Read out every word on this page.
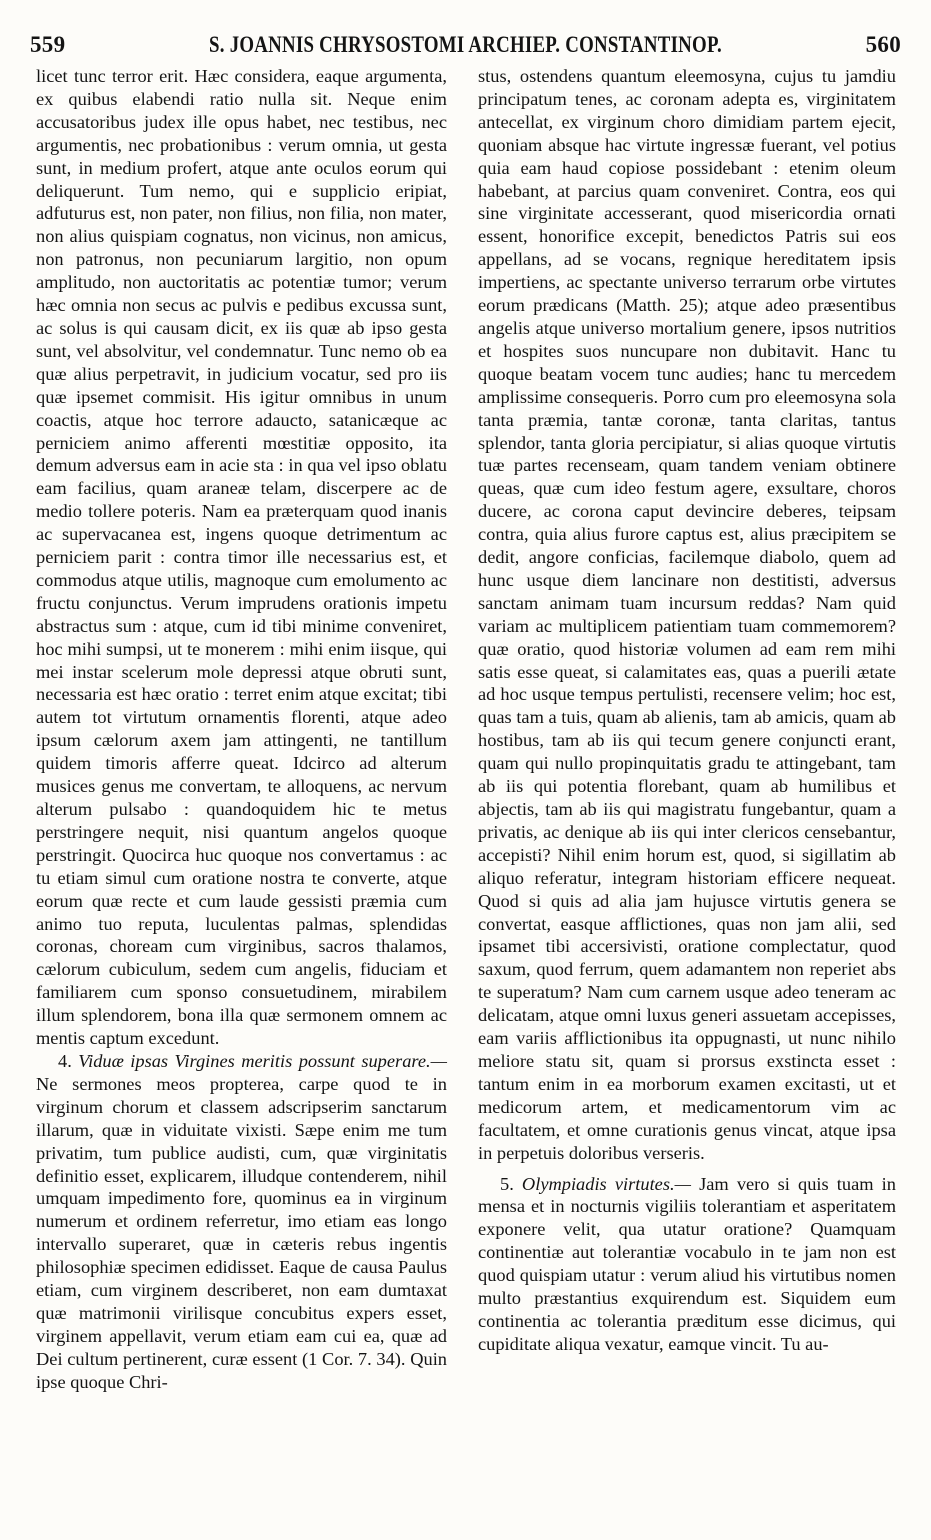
559	S. JOANNIS CHRYSOSTOMI ARCHIEP. CONSTANTINOP.	560

licet tunc terror erit. Hæc considera, eaque argumenta, ex quibus elabendi ratio nulla sit. Neque enim accusatoribus judex ille opus habet, nec testibus, nec argumentis, nec probationibus : verum omnia, ut gesta sunt, in medium profert, atque ante oculos eorum qui deliquerunt. Tum nemo, qui e supplicio eripiat, adfuturus est, non pater, non filius, non filia, non mater, non alius quispiam cognatus, non vicinus, non amicus, non patronus, non pecuniarum largitio, non opum amplitudo, non auctoritatis ac potentiæ tumor; verum hæc omnia non secus ac pulvis e pedibus excussa sunt, ac solus is qui causam dicit, ex iis quæ ab ipso gesta sunt, vel absolvitur, vel condemnatur. Tunc nemo ob ea quæ alius perpetravit, in judicium vocatur, sed pro iis quæ ipsemet commisit. His igitur omnibus in unum coactis, atque hoc terrore adaucto, satanicæque ac perniciem animo afferenti mœstitiæ opposito, ita demum adversus eam in acie sta : in qua vel ipso oblatu eam facilius, quam araneæ telam, discerpere ac de medio tollere poteris. Nam ea præterquam quod inanis ac supervacanea est, ingens quoque detrimentum ac perniciem parit : contra timor ille necessarius est, et commodus atque utilis, magnoque cum emolumento ac fructu conjunctus. Verum imprudens orationis impetu abstractus sum : atque, cum id tibi minime conveniret, hoc mihi sumpsi, ut te monerem : mihi enim iisque, qui mei instar scelerum mole depressi atque obruti sunt, necessaria est hæc oratio : terret enim atque excitat; tibi autem tot virtutum ornamentis florenti, atque adeo ipsum cælorum axem jam attingenti, ne tantillum quidem timoris afferre queat. Idcirco ad alterum musices genus me convertam, te alloquens, ac nervum alterum pulsabo : quandoquidem hic te metus perstringere nequit, nisi quantum angelos quoque perstringit. Quocirca huc quoque nos convertamus : ac tu etiam simul cum oratione nostra te converte, atque eorum quæ recte et cum laude gessisti præmia cum animo tuo reputa, luculentas palmas, splendidas coronas, choream cum virginibus, sacros thalamos, cælorum cubiculum, sedem cum angelis, fiduciam et familiarem cum sponso consuetudinem, mirabilem illum splendorem, bona illa quæ sermonem omnem ac mentis captum excedunt.

4. Viduæ ipsas Virgines meritis possunt superare.— Ne sermones meos propterea, carpe quod te in virginum chorum et classem adscripserim sanctarum illarum, quæ in viduitate vixisti. Sæpe enim me tum privatim, tum publice audisti, cum, quæ virginitatis definitio esset, explicarem, illudque contenderem, nihil umquam impedimento fore, quominus ea in virginum numerum et ordinem referretur, imo etiam eas longo intervallo superaret, quæ in cæteris rebus ingentis philosophiæ specimen edidisset. Eaque de causa Paulus etiam, cum virginem describeret, non eam dumtaxat quæ matrimonii virilisque concubitus expers esset, virginem appellavit, verum etiam eam cui ea, quæ ad Dei cultum pertinerent, curæ essent (1 Cor. 7. 34). Quin ipse quoque Chri-

stus, ostendens quantum eleemosyna, cujus tu jamdiu principatum tenes, ac coronam adepta es, virginitatem antecellat, ex virginum choro dimidiam partem ejecit, quoniam absque hac virtute ingressæ fuerant, vel potius quia eam haud copiose possidebant : etenim oleum habebant, at parcius quam conveniret. Contra, eos qui sine virginitate accesserant, quod misericordia ornati essent, honorifice excepit, benedictos Patris sui eos appellans, ad se vocans, regnique hereditatem ipsis impertiens, ac spectante universo terrarum orbe virtutes eorum prædicans (Matth. 25); atque adeo præsentibus angelis atque universo mortalium genere, ipsos nutritios et hospites suos nuncupare non dubitavit. Hanc tu quoque beatam vocem tunc audies; hanc tu mercedem amplissime consequeris. Porro cum pro eleemosyna sola tanta præmia, tantæ coronæ, tanta claritas, tantus splendor, tanta gloria percipiatur, si alias quoque virtutis tuæ partes recenseam, quam tandem veniam obtinere queas, quæ cum ideo festum agere, exsultare, choros ducere, ac corona caput devincire deberes, teipsam contra, quia alius furore captus est, alius præcipitem se dedit, angore conficias, facilemque diabolo, quem ad hunc usque diem lancinare non destitisti, adversus sanctam animam tuam incursum reddas? Nam quid variam ac multiplicem patientiam tuam commemorem? quæ oratio, quod historiæ volumen ad eam rem mihi satis esse queat, si calamitates eas, quas a puerili ætate ad hoc usque tempus pertulisti, recensere velim; hoc est, quas tam a tuis, quam ab alienis, tam ab amicis, quam ab hostibus, tam ab iis qui tecum genere conjuncti erant, quam qui nullo propinquitatis gradu te attingebant, tam ab iis qui potentia florebant, quam ab humilibus et abjectis, tam ab iis qui magistratu fungebantur, quam a privatis, ac denique ab iis qui inter clericos censebantur, accepisti? Nihil enim horum est, quod, si sigillatim ab aliquo referatur, integram historiam efficere nequeat. Quod si quis ad alia jam hujusce virtutis genera se convertat, easque afflictiones, quas non jam alii, sed ipsamet tibi accersivisti, oratione complectatur, quod saxum, quod ferrum, quem adamantem non reperiet abs te superatum? Nam cum carnem usque adeo teneram ac delicatam, atque omni luxus generi assuetam accepisses, eam variis afflictionibus ita oppugnasti, ut nunc nihilo meliore statu sit, quam si prorsus exstincta esset : tantum enim in ea morborum examen excitasti, ut et medicorum artem, et medicamentorum vim ac facultatem, et omne curationis genus vincat, atque ipsa in perpetuis doloribus verseris.

5. Olympiadis virtutes.— Jam vero si quis tuam in mensa et in nocturnis vigiliis tolerantiam et asperitatem exponere velit, qua utatur oratione? Quamquam continentiæ aut tolerantiæ vocabulo in te jam non est quod quispiam utatur : verum aliud his virtutibus nomen multo præstantius exquirendum est. Siquidem eum continentia ac tolerantia præditum esse dicimus, qui cupiditate aliqua vexatur, eamque vincit. Tu au-
